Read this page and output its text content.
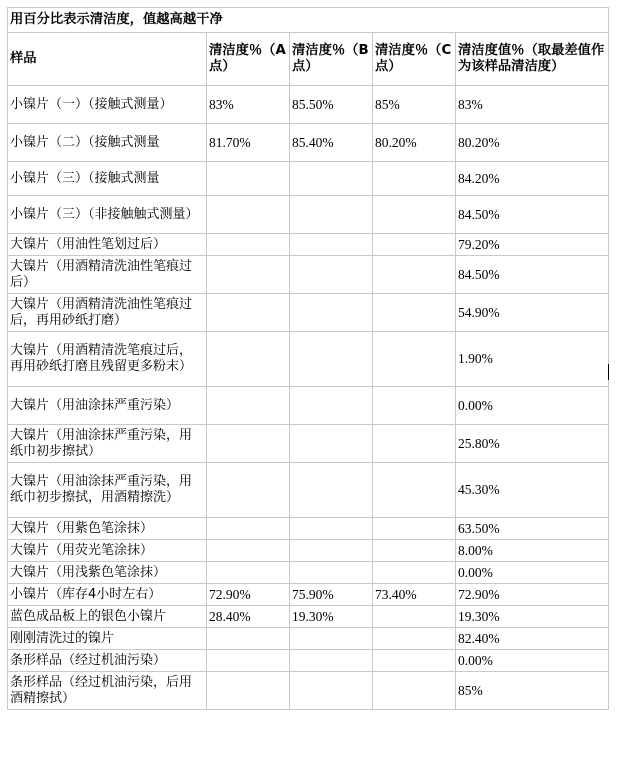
用百分比表示清洁度，值越高越干净				
样品	清洁度％（A点）	清洁度％（B点）	清洁度％（C点）	清洁度值％（取最差值作为该样品清洁度）
小镍片（一）（接触式测量）	83%	85.50%	85%	83%
小镍片（二）（接触式测量	81.70%	85.40%	80.20%	80.20%
小镍片（三）（接触式测量				84.20%
小镍片（三）（非接触触式测量）				84.50%
大镍片（用油性笔划过后）				79.20%
大镍片（用酒精清洗油性笔痕过后）				84.50%
大镍片（用酒精清洗油性笔痕过后，再用砂纸打磨）				54.90%
大镍片（用酒精清洗笔痕过后，再用砂纸打磨且残留更多粉末）				1.90%
大镍片（用油涂抹严重污染）				0.00%
大镍片（用油涂抹严重污染，用纸巾初步擦拭）				25.80%
大镍片（用油涂抹严重污染，用纸巾初步擦拭，用酒精擦洗）				45.30%
大镍片（用紫色笔涂抹）				63.50%
大镍片（用荧光笔涂抹）				8.00%
大镍片（用浅紫色笔涂抹）				0.00%
小镍片（库存4小时左右）	72.90%	75.90%	73.40%	72.90%
蓝色成品板上的银色小镍片	28.40%	19.30%		19.30%
刚刚清洗过的镍片				82.40%
条形样品（经过机油污染）				0.00%
条形样品（经过机油污染，后用酒精擦拭）				85%
